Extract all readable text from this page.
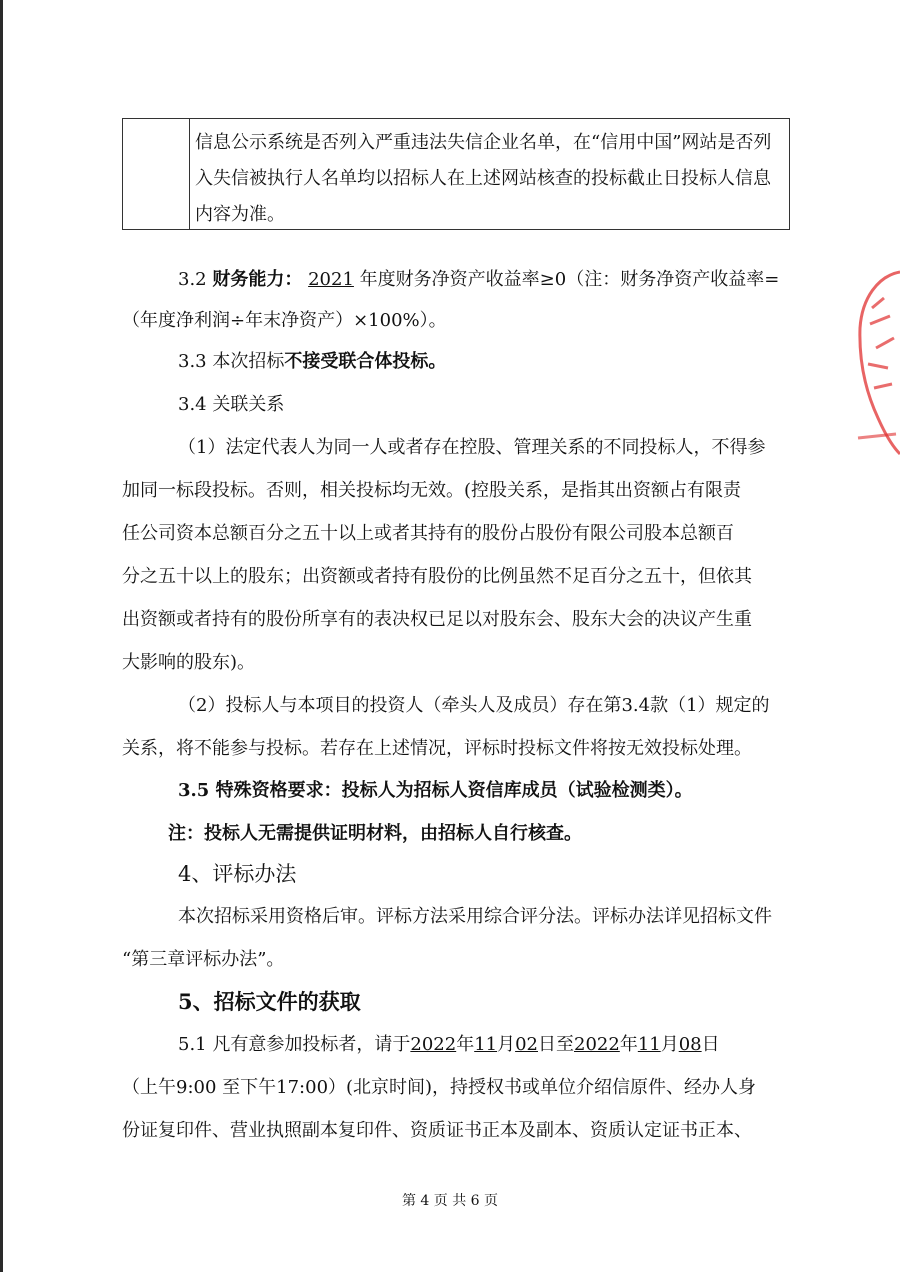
信息公示系统是否列入严重违法失信企业名单，在“信用中国”网站是否列入失信被执行人名单均以招标人在上述网站核查的投标截止日投标人信息内容为准。
3.2 财务能力： 2021 年度财务净资产收益率≥0（注：财务净资产收益率=
（年度净利润÷年末净资产）×100%）。
3.3 本次招标不接受联合体投标。
3.4 关联关系
（1）法定代表人为同一人或者存在控股、管理关系的不同投标人，不得参
加同一标段投标。否则，相关投标均无效。(控股关系，是指其出资额占有限责
任公司资本总额百分之五十以上或者其持有的股份占股份有限公司股本总额百
分之五十以上的股东；出资额或者持有股份的比例虽然不足百分之五十，但依其
出资额或者持有的股份所享有的表决权已足以对股东会、股东大会的决议产生重
大影响的股东)。
（2）投标人与本项目的投资人（牵头人及成员）存在第3.4款（1）规定的
关系，将不能参与投标。若存在上述情况，评标时投标文件将按无效投标处理。
3.5 特殊资格要求：投标人为招标人资信库成员（试验检测类）。
注：投标人无需提供证明材料，由招标人自行核查。
4、评标办法
本次招标采用资格后审。评标方法采用综合评分法。评标办法详见招标文件
“第三章评标办法”。
5、招标文件的获取
5.1 凡有意参加投标者，请于2022年11月02日至2022年11月08日
（上午9:00 至下午17:00）(北京时间)，持授权书或单位介绍信原件、经办人身
份证复印件、营业执照副本复印件、资质证书正本及副本、资质认定证书正本、
第 4 页 共 6 页
